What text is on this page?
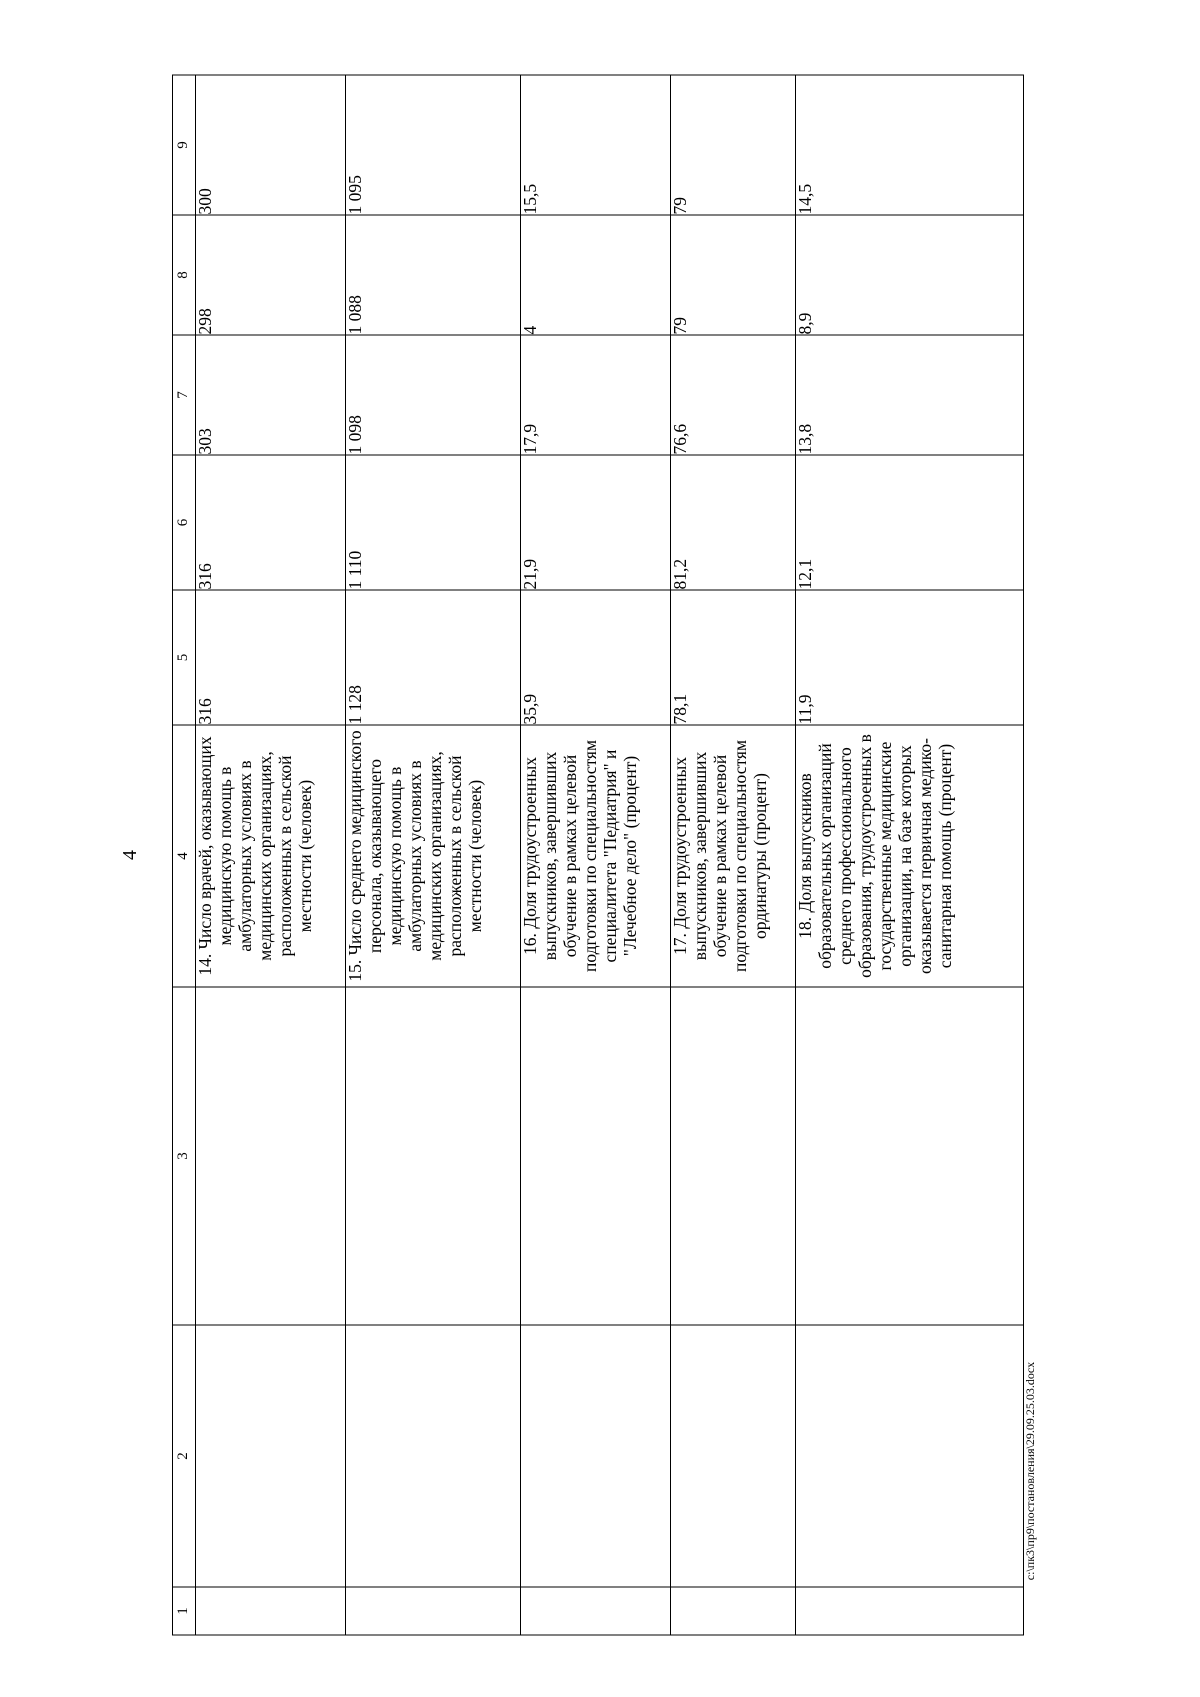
4
1	2	3	4	5	6	7	8	9
			14. Число врачей, оказывающих медицинскую помощь в амбулаторных условиях в медицинских организациях, расположенных в сельской местности (человек)	316	316	303	298	300
			15. Число среднего медицинского персонала, оказывающего медицинскую помощь в амбулаторных условиях в медицинских организациях, расположенных в сельской местности (человек)	1 128	1 110	1 098	1 088	1 095
			16. Доля трудоустроенных выпускников, завершивших обучение в рамках целевой подготовки по специальностям специалитета "Педиатрия" и "Лечебное дело" (процент)	35,9	21,9	17,9	4	15,5
			17. Доля трудоустроенных выпускников, завершивших обучение в рамках целевой подготовки по специальностям ординатуры (процент)	78,1	81,2	76,6	79	79
			18. Доля выпускников образовательных организаций среднего профессионального образования, трудоустроенных в государственные медицинские организации, на базе которых оказывается первичная медико-санитарная помощь (процент)	11,9	12,1	13,8	8,9	14,5
c:\пк3\пр9\постановления\29.09.25.03.docx
